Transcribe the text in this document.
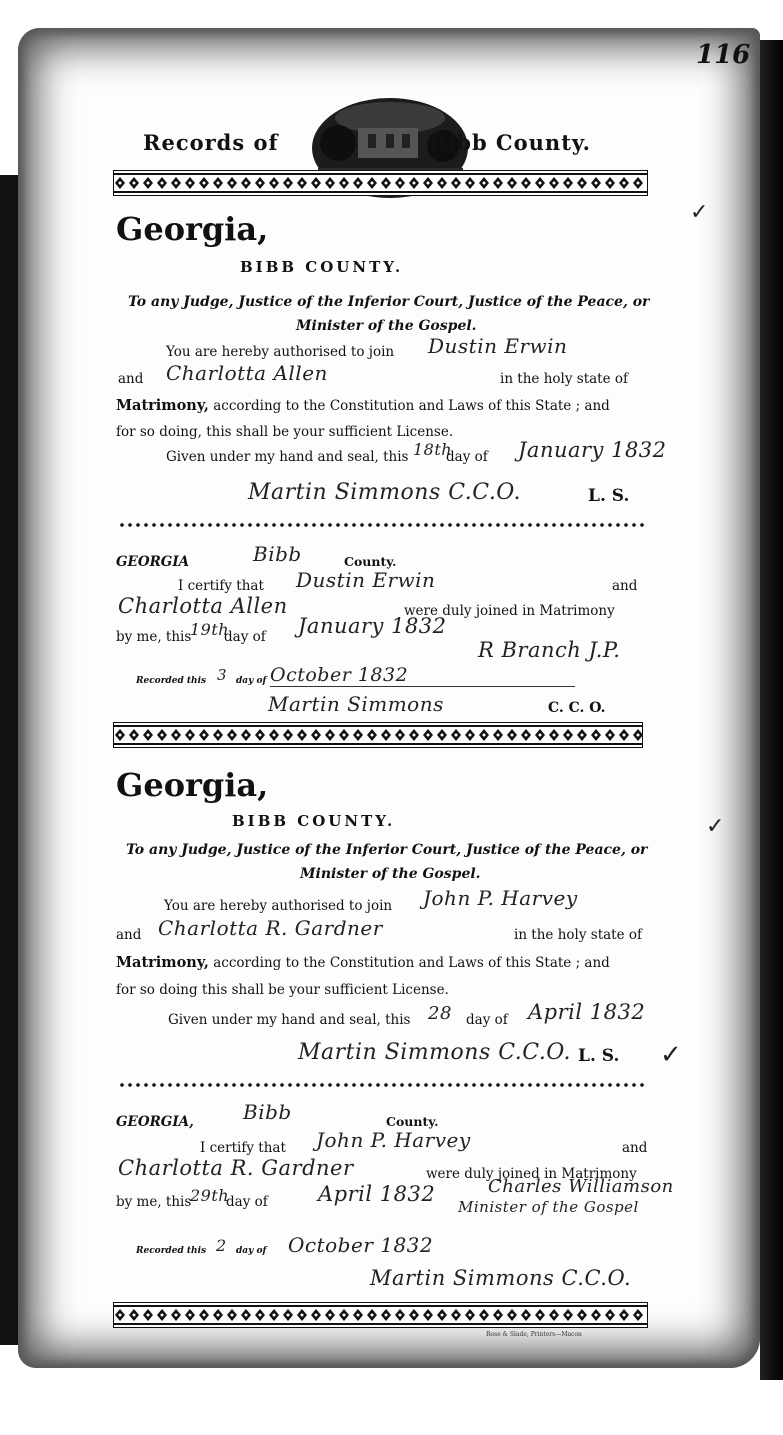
116
Records of	Bibb County.
Georgia,	✓
BIBB COUNTY.
To any Judge, Justice of the Inferior Court, Justice of the Peace, or
Minister of the Gospel.
You are hereby authorised to join Dustin Erwin
and Charlotta Allen	in the holy state of
Matrimony, according to the Constitution and Laws of this State ; and
for so doing, this shall be your sufficient License.
Given under my hand and seal, this 18th
day of January 1832
Martin Simmons C.C.O.	L. S.
GEORGIA	Bibb	County.
I certify that Dustin Erwin	and
Charlotta Allen	were duly joined in Matrimony
by me, this
19th
day of January 1832
R Branch J.P.
Recorded this 3 day of October 1832
Martin Simmons	C. C. O.
Georgia,
✓
BIBB COUNTY.
To any Judge, Justice of the Inferior Court, Justice of the Peace, or
Minister of the Gospel.
You are hereby authorised to join John P. Harvey
and Charlotta R. Gardner	in the holy state of
Matrimony, according to the Constitution and Laws of this State ; and
for so doing this shall be your sufficient License.
Given under my hand and seal, this 28 day of April 1832
Martin Simmons C.C.O. L. S. ✓
GEORGIA, Bibb	County.
I certify that John P. Harvey	and
Charlotta R. Gardner	were duly joined in Matrimony
by me, this
29th
day of April 1832	Charles Williamson
Minister of the Gospel
Recorded this 2 day of October 1832
Martin Simmons C.C.O.
Rose & Slade, Printers—Macon
